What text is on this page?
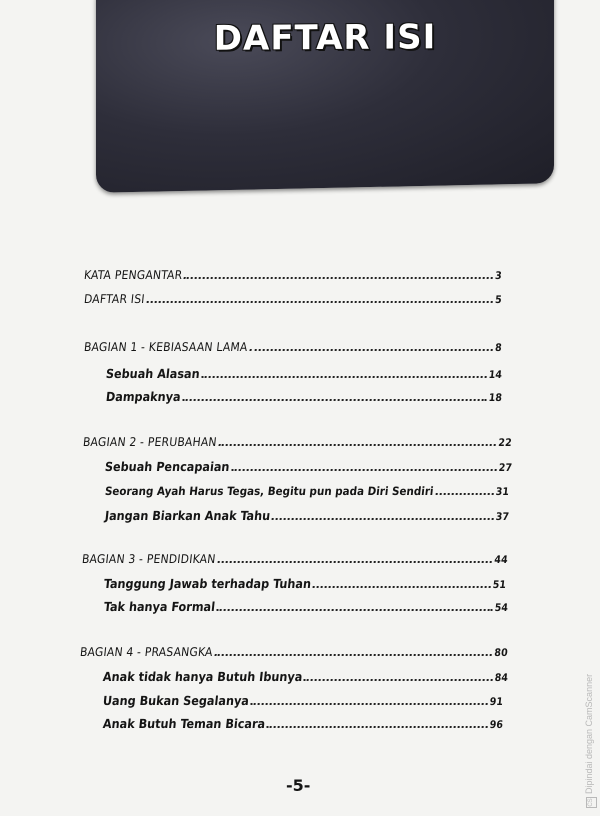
DAFTAR ISI
KATA PENGANTAR	3
DAFTAR ISI	5
BAGIAN 1 - KEBIASAAN LAMA	8
Sebuah Alasan	14
Dampaknya	18
BAGIAN 2 - PERUBAHAN	22
Sebuah Pencapaian	27
Seorang Ayah Harus Tegas, Begitu pun pada Diri Sendiri	31
Jangan Biarkan Anak Tahu	37
BAGIAN 3 - PENDIDIKAN	44
Tanggung Jawab terhadap Tuhan	51
Tak hanya Formal	54
BAGIAN 4 - PRASANGKA	80
Anak tidak hanya Butuh Ibunya	84
Uang Bukan Segalanya	91
Anak Butuh Teman Bicara	96
-5-
CSDipindai dengan CamScanner
